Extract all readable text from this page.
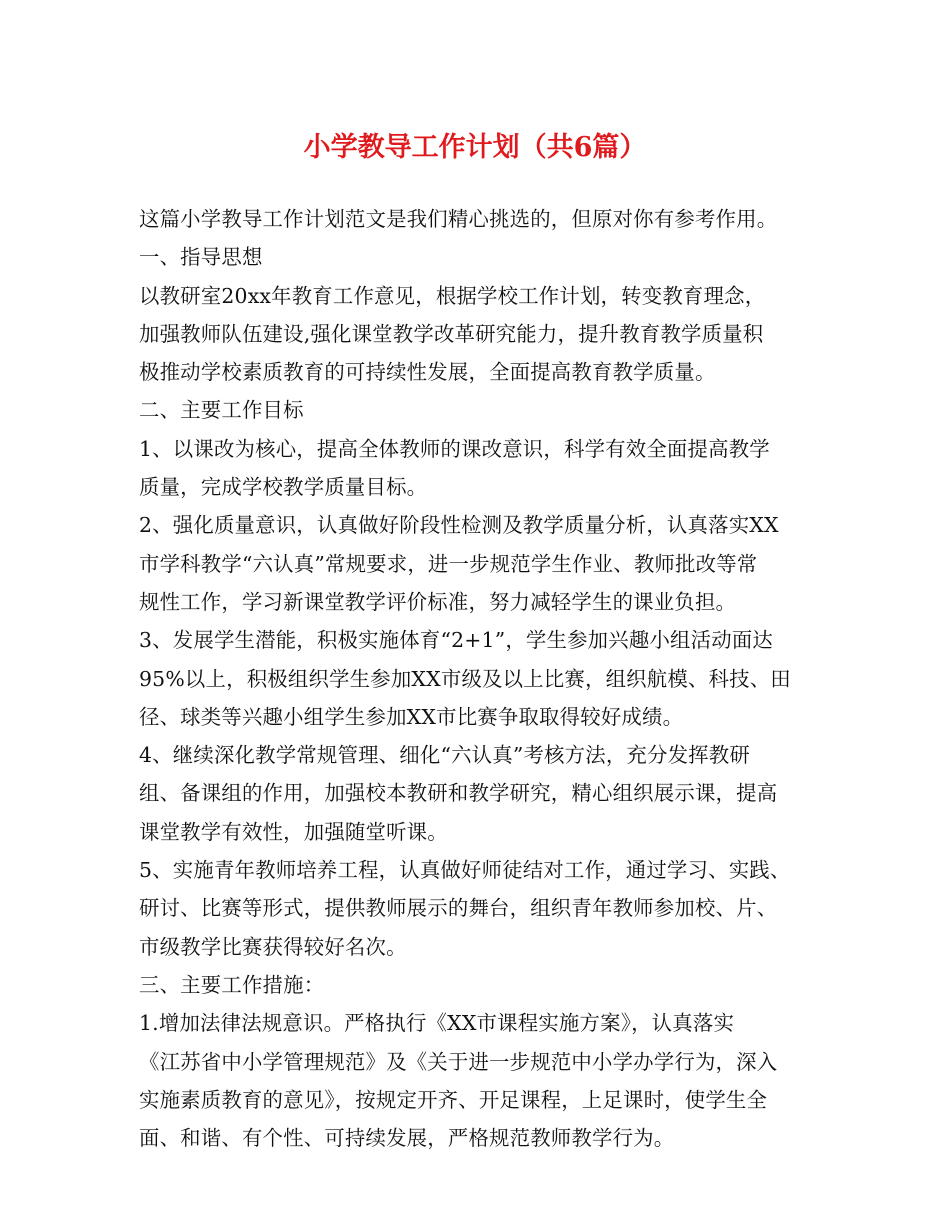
小学教导工作计划（共6篇）

这篇小学教导工作计划范文是我们精心挑选的，但原对你有参考作用。

一、指导思想

以教研室20xx年教育工作意见，根据学校工作计划，转变教育理念，

加强教师队伍建设,强化课堂教学改革研究能力，提升教育教学质量积

极推动学校素质教育的可持续性发展，全面提高教育教学质量。

二、主要工作目标

1、以课改为核心，提高全体教师的课改意识，科学有效全面提高教学

质量，完成学校教学质量目标。

2、强化质量意识，认真做好阶段性检测及教学质量分析，认真落实XX

市学科教学“六认真”常规要求，进一步规范学生作业、教师批改等常

规性工作，学习新课堂教学评价标准，努力减轻学生的课业负担。

3、发展学生潜能，积极实施体育“2+1”，学生参加兴趣小组活动面达

95%以上，积极组织学生参加XX市级及以上比赛，组织航模、科技、田

径、球类等兴趣小组学生参加XX市比赛争取取得较好成绩。

4、继续深化教学常规管理、细化“六认真”考核方法，充分发挥教研

组、备课组的作用，加强校本教研和教学研究，精心组织展示课，提高

课堂教学有效性，加强随堂听课。

5、实施青年教师培养工程，认真做好师徒结对工作，通过学习、实践、

研讨、比赛等形式，提供教师展示的舞台，组织青年教师参加校、片、

市级教学比赛获得较好名次。

三、主要工作措施：

1.增加法律法规意识。严格执行《XX市课程实施方案》，认真落实

《江苏省中小学管理规范》及《关于进一步规范中小学办学行为，深入

实施素质教育的意见》，按规定开齐、开足课程，上足课时，使学生全

面、和谐、有个性、可持续发展，严格规范教师教学行为。
